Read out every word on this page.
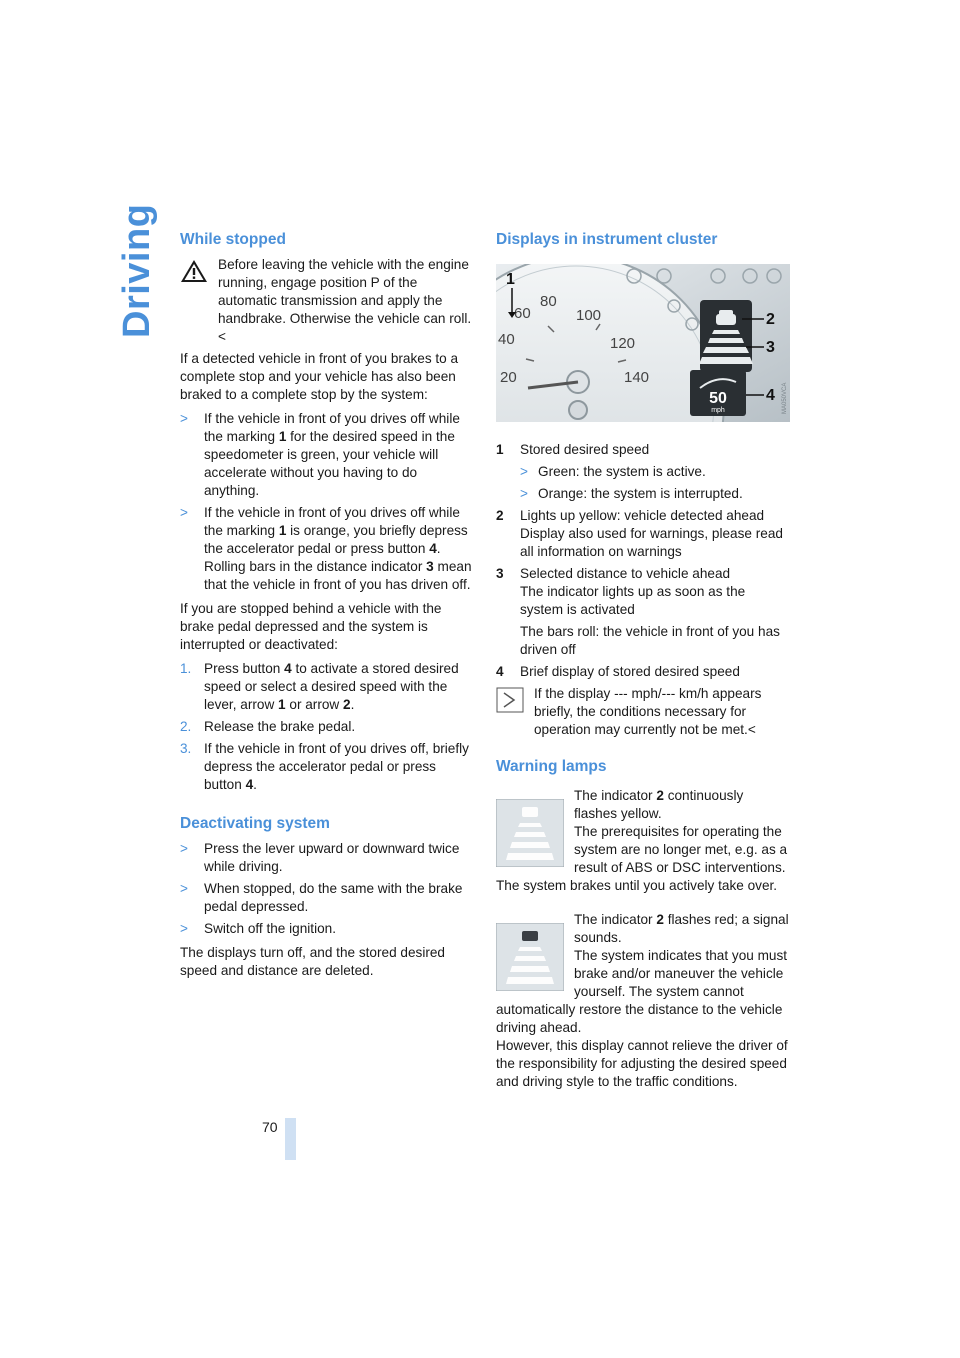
Driving While stopped

Before leaving the vehicle with the engine running, engage position P of the automatic transmission and apply the handbrake. Otherwise the vehicle can roll.<

If a detected vehicle in front of you brakes to a complete stop and your vehicle has also been braked to a complete stop by the system:

> If the vehicle in front of you drives off while the marking 1 for the desired speed in the speedometer is green, your vehicle will accelerate without you having to do anything.
> If the vehicle in front of you drives off while the marking 1 is orange, you briefly depress the accelerator pedal or press button 4. Rolling bars in the distance indicator 3 mean that the vehicle in front of you has driven off.

If you are stopped behind a vehicle with the brake pedal depressed and the system is interrupted or deactivated:

1. Press button 4 to activate a stored desired speed or select a desired speed with the lever, arrow 1 or arrow 2.
2. Release the brake pedal.
3. If the vehicle in front of you drives off, briefly depress the accelerator pedal or press button 4.
Deactivating system
> Press the lever upward or downward twice while driving.
> When stopped, do the same with the brake pedal depressed.
> Switch off the ignition.

The displays turn off, and the stored desired speed and distance are deleted.

Displays in instrument cluster
20
40
60
80
100
120
140
50
mph
1
2
3
4 MA050VCA
1 Stored desired speed
> Green: the system is active.
> Orange: the system is interrupted.
2 Lights up yellow: vehicle detected ahead
Display also used for warnings, please read all information on warnings
3 Selected distance to vehicle ahead
The indicator lights up as soon as the system is activated

The bars roll: the vehicle in front of you has driven off

4 Brief display of stored desired speed

If the display --- mph/--- km/h appears briefly, the conditions necessary for operation may currently not be met.<

Warning lamps

The indicator 2 continuously flashes yellow.

The prerequisites for operating the system are no longer met, e.g. as a result of ABS or DSC interventions. The system brakes until you actively take over.

The indicator 2 flashes red; a signal sounds.

The system indicates that you must brake and/or maneuver the vehicle yourself. The system cannot automatically restore the distance to the vehicle driving ahead.

However, this display cannot relieve the driver of the responsibility for adjusting the desired speed and driving style to the traffic conditions.

70
